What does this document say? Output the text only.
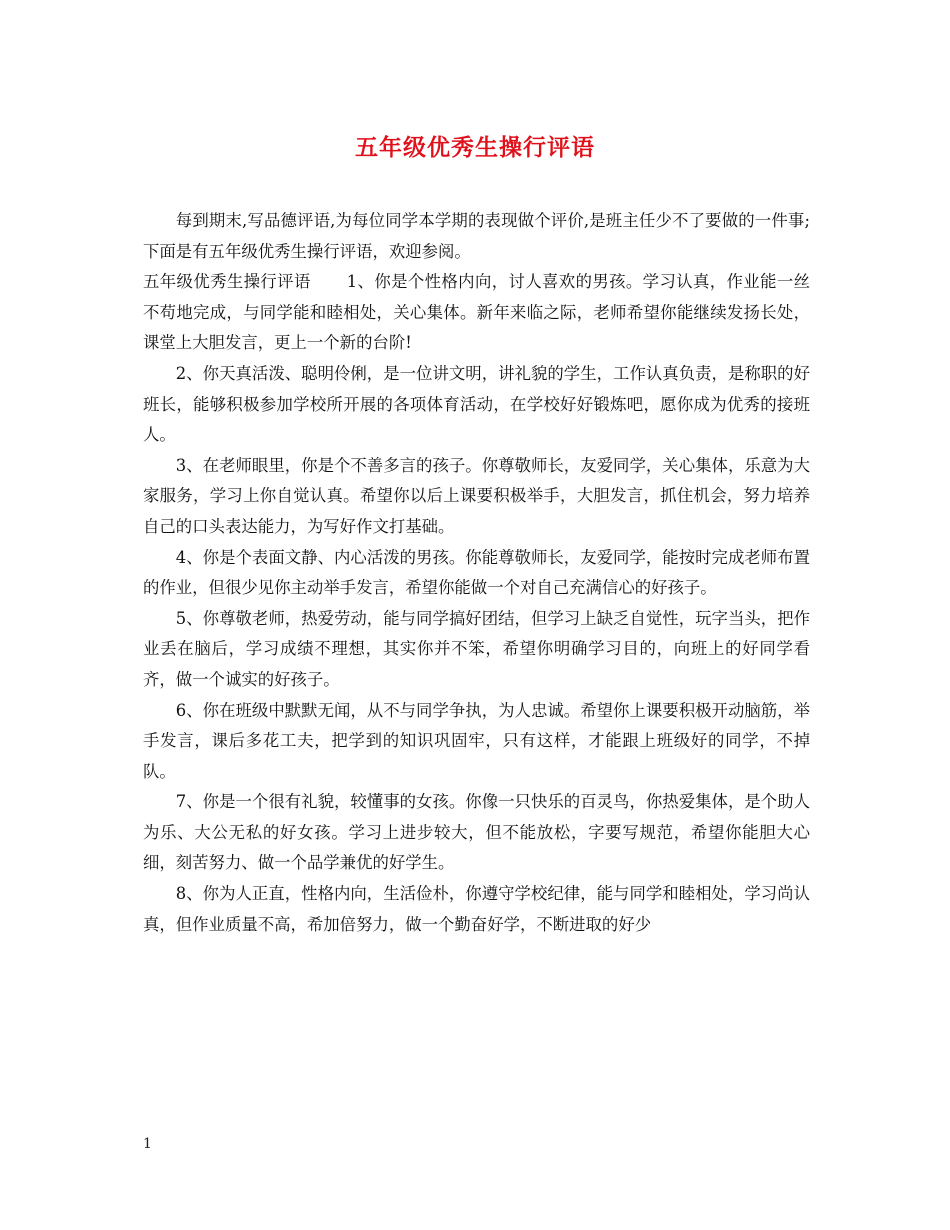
五年级优秀生操行评语

每到期末,写品德评语,为每位同学本学期的表现做个评价,是班主任少不了要做的一件事;下面是有五年级优秀生操行评语，欢迎参阅。

五年级优秀生操行评语 1、你是个性格内向，讨人喜欢的男孩。学习认真，作业能一丝不苟地完成，与同学能和睦相处，关心集体。新年来临之际，老师希望你能继续发扬长处，课堂上大胆发言，更上一个新的台阶!

2、你天真活泼、聪明伶俐，是一位讲文明，讲礼貌的学生，工作认真负责，是称职的好班长，能够积极参加学校所开展的各项体育活动，在学校好好锻炼吧，愿你成为优秀的接班人。

3、在老师眼里，你是个不善多言的孩子。你尊敬师长，友爱同学，关心集体，乐意为大家服务，学习上你自觉认真。希望你以后上课要积极举手，大胆发言，抓住机会，努力培养自己的口头表达能力，为写好作文打基础。

4、你是个表面文静、内心活泼的男孩。你能尊敬师长，友爱同学，能按时完成老师布置的作业，但很少见你主动举手发言，希望你能做一个对自己充满信心的好孩子。

5、你尊敬老师，热爱劳动，能与同学搞好团结，但学习上缺乏自觉性，玩字当头，把作业丢在脑后，学习成绩不理想，其实你并不笨，希望你明确学习目的，向班上的好同学看齐，做一个诚实的好孩子。

6、你在班级中默默无闻，从不与同学争执，为人忠诚。希望你上课要积极开动脑筋，举手发言，课后多花工夫，把学到的知识巩固牢，只有这样，才能跟上班级好的同学，不掉队。

7、你是一个很有礼貌，较懂事的女孩。你像一只快乐的百灵鸟，你热爱集体，是个助人为乐、大公无私的好女孩。学习上进步较大，但不能放松，字要写规范，希望你能胆大心细，刻苦努力、做一个品学兼优的好学生。

8、你为人正直，性格内向，生活俭朴，你遵守学校纪律，能与同学和睦相处，学习尚认真，但作业质量不高，希加倍努力，做一个勤奋好学，不断进取的好少

1
